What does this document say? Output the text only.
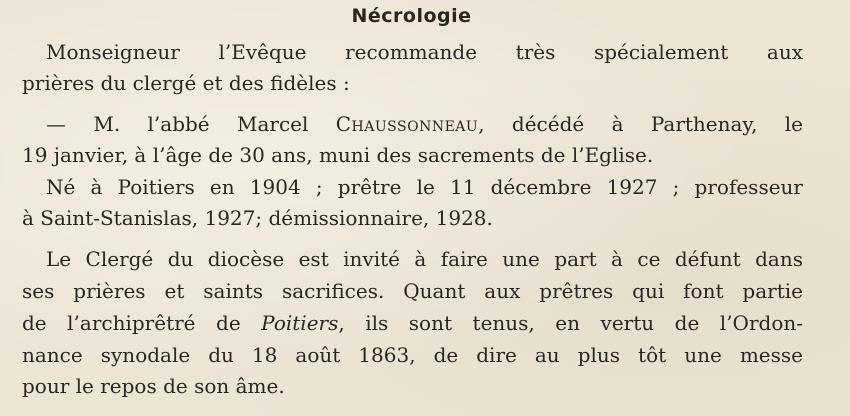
Nécrologie
Monseigneur l’Evêque recommande très spécialement aux
prières du clergé et des fidèles :
— M. l’abbé Marcel Chaussonneau, décédé à Parthenay, le
19 janvier, à l’âge de 30 ans, muni des sacrements de l’Eglise.
Né à Poitiers en 1904 ; prêtre le 11 décembre 1927 ; professeur
à Saint-Stanislas, 1927; démissionnaire, 1928.
Le Clergé du diocèse est invité à faire une part à ce défunt dans
ses prières et saints sacrifices. Quant aux prêtres qui font partie
de l’archiprêtré de Poitiers, ils sont tenus, en vertu de l’Ordon-
nance synodale du 18 août 1863, de dire au plus tôt une messe
pour le repos de son âme.
